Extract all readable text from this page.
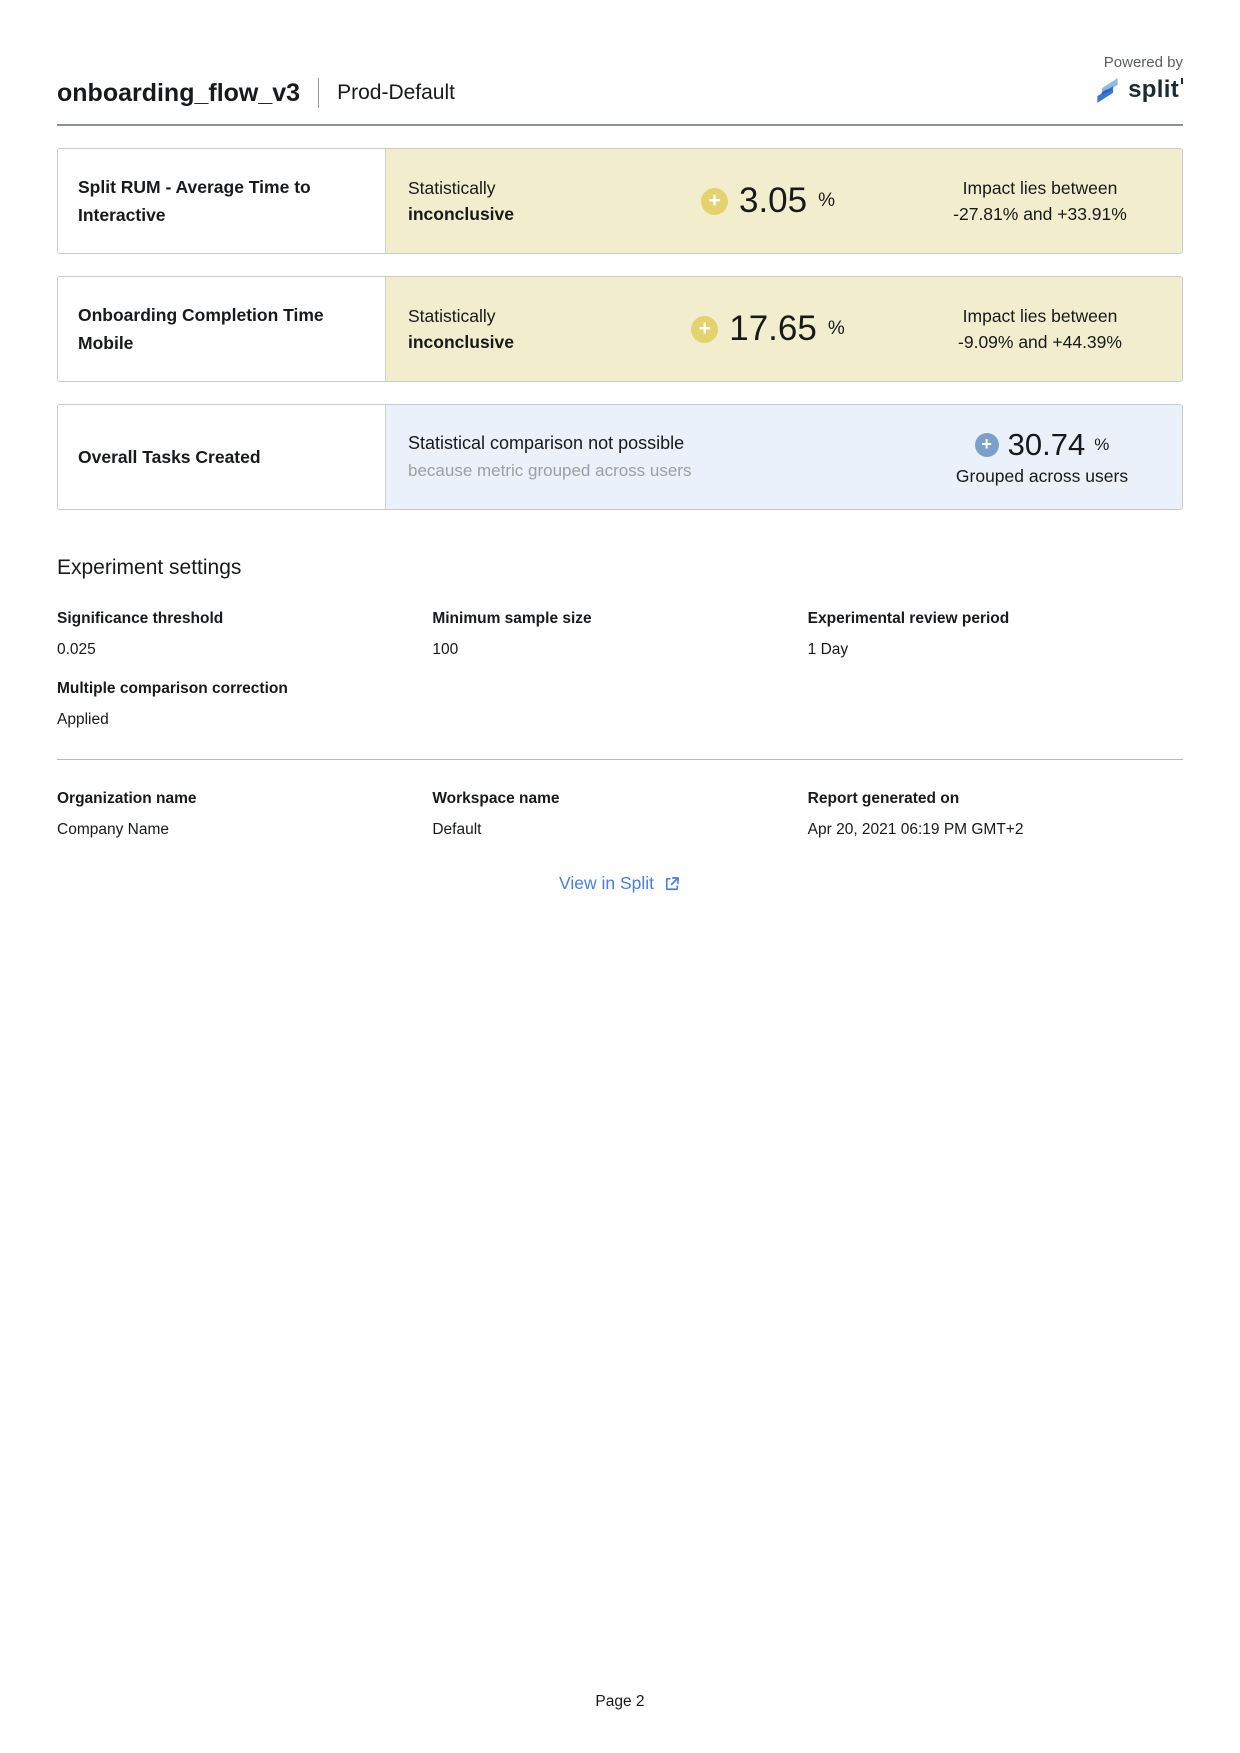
Powered by
split
onboarding_flow_v3 Prod-Default
Split RUM - Average Time to Interactive
Statistically
inconclusive
+ 3.05 %
Impact lies between
-27.81% and +33.91%
Onboarding Completion Time Mobile
Statistically
inconclusive
+ 17.65 %
Impact lies between
-9.09% and +44.39%
Overall Tasks Created
Statistical comparison not possible
because metric grouped across users
+ 30.74 %
Grouped across users
Experiment settings
Significance threshold
0.025
Minimum sample size
100
Experimental review period
1 Day
Multiple comparison correction
Applied
Organization name
Company Name
Workspace name
Default
Report generated on
Apr 20, 2021 06:19 PM GMT+2
View in Split
Page 2
